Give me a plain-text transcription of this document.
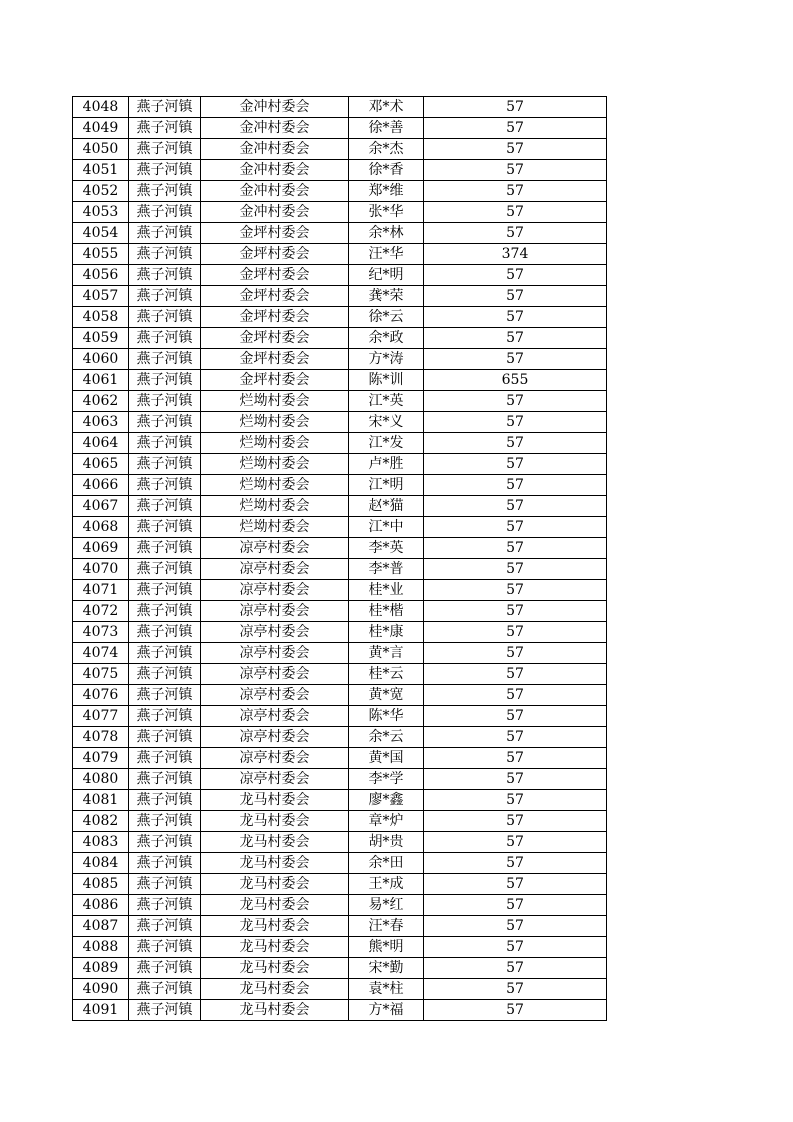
4048	燕子河镇	金冲村委会	邓*术	57
4049	燕子河镇	金冲村委会	徐*善	57
4050	燕子河镇	金冲村委会	余*杰	57
4051	燕子河镇	金冲村委会	徐*香	57
4052	燕子河镇	金冲村委会	郑*维	57
4053	燕子河镇	金冲村委会	张*华	57
4054	燕子河镇	金坪村委会	余*林	57
4055	燕子河镇	金坪村委会	汪*华	374
4056	燕子河镇	金坪村委会	纪*明	57
4057	燕子河镇	金坪村委会	龚*荣	57
4058	燕子河镇	金坪村委会	徐*云	57
4059	燕子河镇	金坪村委会	余*政	57
4060	燕子河镇	金坪村委会	方*涛	57
4061	燕子河镇	金坪村委会	陈*训	655
4062	燕子河镇	烂坳村委会	江*英	57
4063	燕子河镇	烂坳村委会	宋*义	57
4064	燕子河镇	烂坳村委会	江*发	57
4065	燕子河镇	烂坳村委会	卢*胜	57
4066	燕子河镇	烂坳村委会	江*明	57
4067	燕子河镇	烂坳村委会	赵*猫	57
4068	燕子河镇	烂坳村委会	江*中	57
4069	燕子河镇	凉亭村委会	李*英	57
4070	燕子河镇	凉亭村委会	李*普	57
4071	燕子河镇	凉亭村委会	桂*业	57
4072	燕子河镇	凉亭村委会	桂*楷	57
4073	燕子河镇	凉亭村委会	桂*康	57
4074	燕子河镇	凉亭村委会	黄*言	57
4075	燕子河镇	凉亭村委会	桂*云	57
4076	燕子河镇	凉亭村委会	黄*宽	57
4077	燕子河镇	凉亭村委会	陈*华	57
4078	燕子河镇	凉亭村委会	余*云	57
4079	燕子河镇	凉亭村委会	黄*国	57
4080	燕子河镇	凉亭村委会	李*学	57
4081	燕子河镇	龙马村委会	廖*鑫	57
4082	燕子河镇	龙马村委会	章*炉	57
4083	燕子河镇	龙马村委会	胡*贵	57
4084	燕子河镇	龙马村委会	余*田	57
4085	燕子河镇	龙马村委会	王*成	57
4086	燕子河镇	龙马村委会	易*红	57
4087	燕子河镇	龙马村委会	汪*春	57
4088	燕子河镇	龙马村委会	熊*明	57
4089	燕子河镇	龙马村委会	宋*勤	57
4090	燕子河镇	龙马村委会	袁*柱	57
4091	燕子河镇	龙马村委会	方*福	57
